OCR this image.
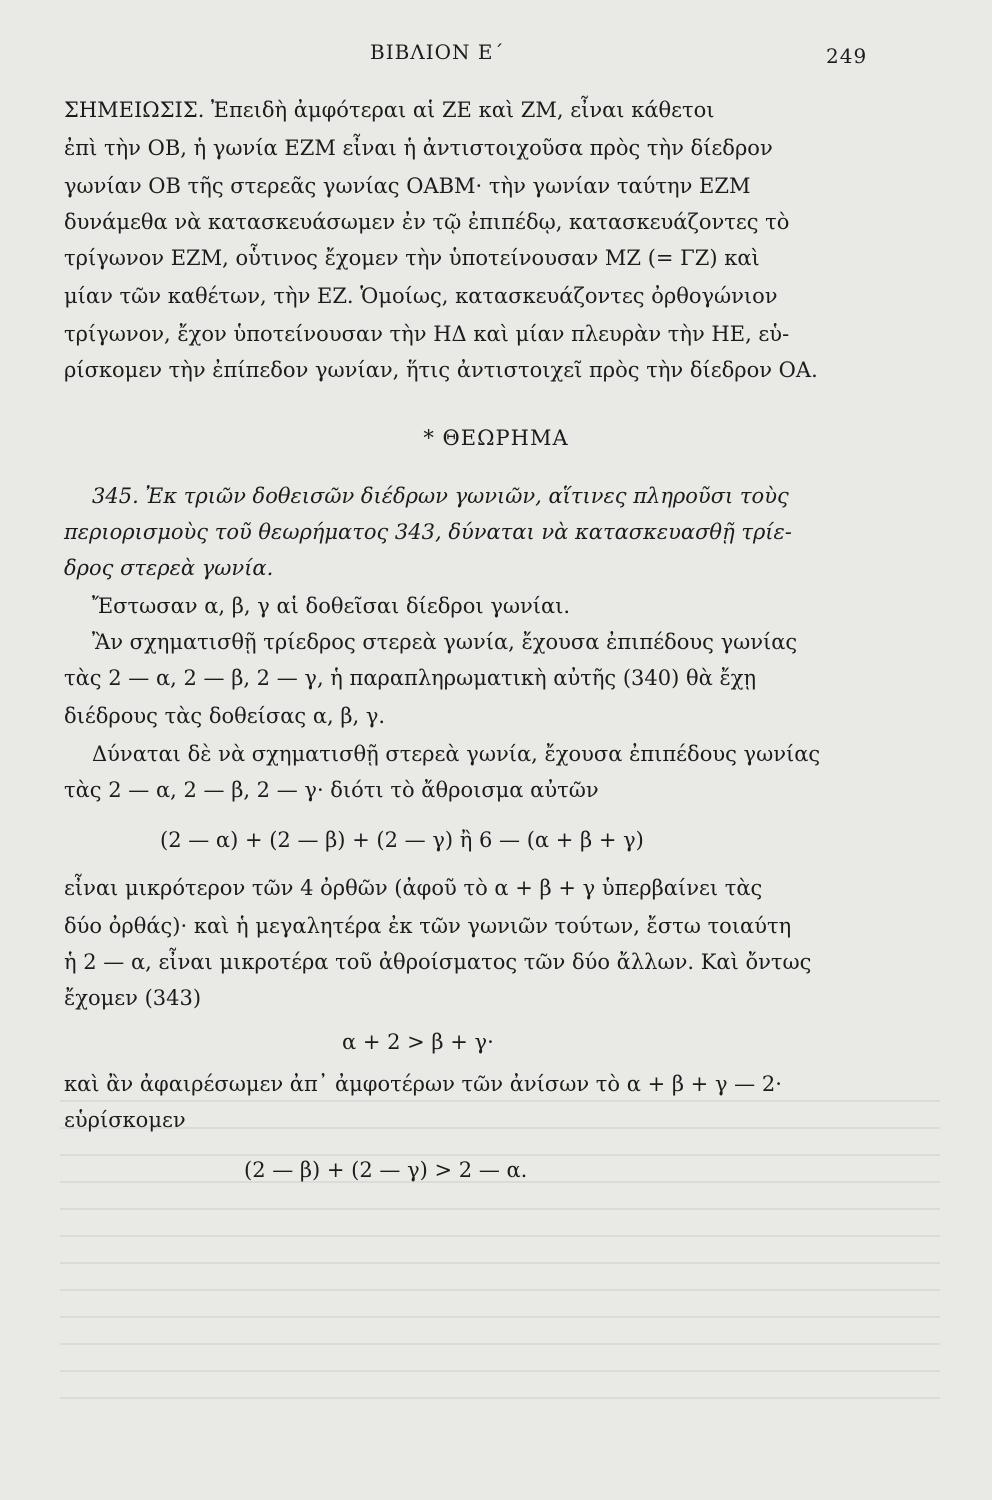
ΒΙΒΛΙΟΝ Ε΄	249
ΣΗΜΕΙΩΣΙΣ. Ἐπειδὴ ἀμφότεραι αἱ ΖΕ καὶ ΖΜ, εἶναι κάθετοι
ἐπὶ τὴν ΟΒ, ἡ γωνία ΕΖΜ εἶναι ἡ ἀντιστοιχοῦσα πρὸς τὴν δίεδρον
γωνίαν ΟΒ τῆς στερεᾶς γωνίας ΟΑΒΜ· τὴν γωνίαν ταύτην ΕΖΜ
δυνάμεθα νὰ κατασκευάσωμεν ἐν τῷ ἐπιπέδῳ, κατασκευάζοντες τὸ
τρίγωνον ΕΖΜ, οὗτινος ἔχομεν τὴν ὑποτείνουσαν ΜΖ (= ΓΖ) καὶ
μίαν τῶν καθέτων, τὴν ΕΖ. Ὁμοίως, κατασκευάζοντες ὀρθογώνιον
τρίγωνον, ἔχον ὑποτείνουσαν τὴν ΗΔ καὶ μίαν πλευρὰν τὴν ΗΕ, εὑ-
ρίσκομεν τὴν ἐπίπεδον γωνίαν, ἥτις ἀντιστοιχεῖ πρὸς τὴν δίεδρον ΟΑ.
* ΘΕΩΡΗΜΑ
345. Ἐκ τριῶν δοθεισῶν διέδρων γωνιῶν, αἵτινες πληροῦσι τοὺς
περιορισμοὺς τοῦ θεωρήματος 343, δύναται νὰ κατασκευασθῇ τρίε-
δρος στερεὰ γωνία.
Ἔστωσαν α, β, γ αἱ δοθεῖσαι δίεδροι γωνίαι.
Ἂν σχηματισθῇ τρίεδρος στερεὰ γωνία, ἔχουσα ἐπιπέδους γωνίας
τὰς 2 — α, 2 — β, 2 — γ, ἡ παραπληρωματικὴ αὐτῆς (340) θὰ ἔχῃ
διέδρους τὰς δοθείσας α, β, γ.
Δύναται δὲ νὰ σχηματισθῇ στερεὰ γωνία, ἔχουσα ἐπιπέδους γωνίας
τὰς 2 — α, 2 — β, 2 — γ· διότι τὸ ἄθροισμα αὐτῶν
(2 — α) + (2 — β) + (2 — γ) ἢ 6 — (α + β + γ)
εἶναι μικρότερον τῶν 4 ὀρθῶν (ἀφοῦ τὸ α + β + γ ὑπερβαίνει τὰς
δύο ὀρθάς)· καὶ ἡ μεγαλητέρα ἐκ τῶν γωνιῶν τούτων, ἔστω τοιαύτη
ἡ 2 — α, εἶναι μικροτέρα τοῦ ἀθροίσματος τῶν δύο ἄλλων. Καὶ ὄντως
ἔχομεν (343)
α + 2 > β + γ·
καὶ ἂν ἀφαιρέσωμεν ἀπ᾽ ἀμφοτέρων τῶν ἀνίσων τὸ α + β + γ — 2·
εὑρίσκομεν
(2 — β) + (2 — γ) > 2 — α.
